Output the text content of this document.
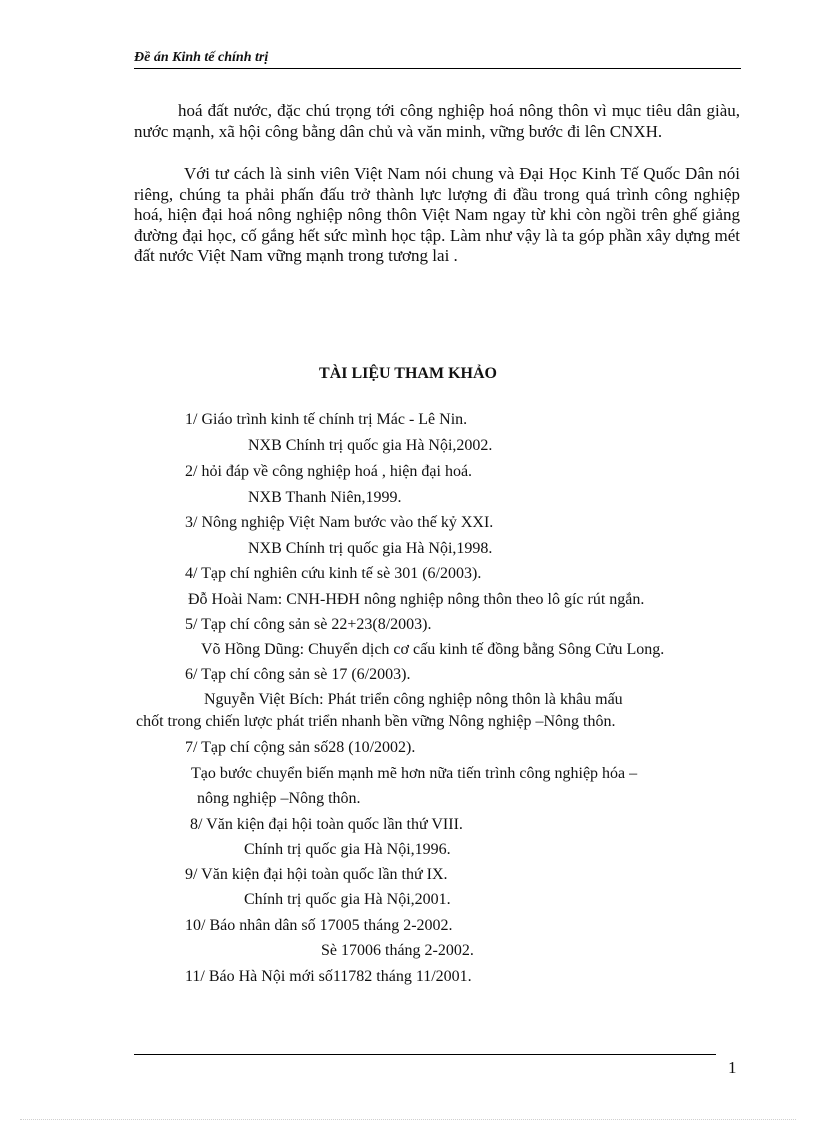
Đề án Kinh tế chính trị

hoá đất nước, đặc chú trọng tới công nghiệp hoá nông thôn vì mục tiêu dân giàu, nước mạnh, xã hội công bằng dân chủ và văn minh, vững bước đi lên CNXH.

Với tư cách là sinh viên Việt Nam nói chung và Đại Học Kinh Tế Quốc Dân nói riêng, chúng ta phải phấn đấu trở thành lực lượng đi đầu trong quá trình công nghiệp hoá, hiện đại hoá nông nghiệp nông thôn Việt Nam ngay từ khi còn ngồi trên ghế giảng đường đại học, cố gắng hết sức mình học tập. Làm như vậy là ta góp phần xây dựng mét đất nước Việt Nam vững mạnh trong tương lai .

TÀI LIỆU THAM KHẢO
1/ Giáo trình kinh tế chính trị Mác - Lê Nin.
NXB Chính trị quốc gia Hà Nội,2002.
2/ hỏi đáp về công nghiệp hoá , hiện đại hoá.
NXB Thanh Niên,1999.
3/ Nông nghiệp Việt Nam bước vào thế kỷ XXI.
NXB Chính trị quốc gia Hà Nội,1998.
4/ Tạp chí nghiên cứu kinh tế sè 301 (6/2003).
Đỗ Hoài Nam: CNH-HĐH nông nghiệp nông thôn theo lô gíc rút ngắn.
5/ Tạp chí công sản sè 22+23(8/2003).
Võ Hồng Dũng: Chuyển dịch cơ cấu kinh tế đồng bằng Sông Cửu Long.
6/ Tạp chí công sản sè 17 (6/2003).
Nguyễn Việt Bích: Phát triển công nghiệp nông thôn là khâu mấu
chốt trong chiến lược phát triển nhanh bền vững Nông nghiệp –Nông thôn.
7/ Tạp chí cộng sản số28 (10/2002).
Tạo bước chuyển biến mạnh mẽ hơn nữa tiến trình công nghiệp hóa –
nông nghiệp –Nông thôn.
8/ Văn kiện đại hội toàn quốc lần thứ VIII.
Chính trị quốc gia Hà Nội,1996.
9/ Văn kiện đại hội toàn quốc lần thứ IX.
Chính trị quốc gia Hà Nội,2001.
10/ Báo nhân dân số 17005 tháng 2-2002.
Sè 17006 tháng 2-2002.
11/ Báo Hà Nội mới số11782 tháng 11/2001.
1
